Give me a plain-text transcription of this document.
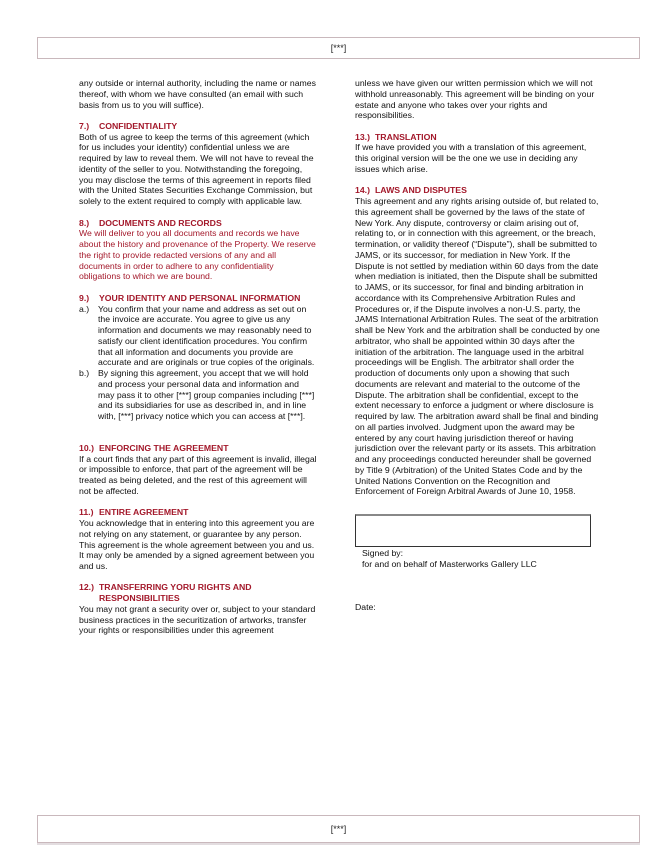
[***]

any outside or internal authority, including the name or names thereof, with whom we have consulted (an email with such basis from us to you will suffice).

7.)	CONFIDENTIALITY

Both of us agree to keep the terms of this agreement (which for us includes your identity) confidential unless we are required by law to reveal them. We will not have to reveal the identity of the seller to you. Notwithstanding the foregoing, you may disclose the terms of this agreement in reports filed with the United States Securities Exchange Commission, but solely to the extent required to comply with applicable law.

8.)	DOCUMENTS AND RECORDS

We will deliver to you all documents and records we have about the history and provenance of the Property. We reserve the right to provide redacted versions of any and all documents in order to adhere to any confidentiality obligations to which we are bound.

9.)	YOUR IDENTITY AND PERSONAL INFORMATION
a.)	You confirm that your name and address as set out on the invoice are accurate. You agree to give us any information and documents we may reasonably need to satisfy our client identification procedures. You confirm that all information and documents you provide are accurate and are originals or true copies of the originals.
b.)	By signing this agreement, you accept that we will hold and process your personal data and information and may pass it to other [***] group companies including [***] and its subsidiaries for use as described in, and in line with, [***] privacy notice which you can access at [***].
10.) ENFORCING THE AGREEMENT

If a court finds that any part of this agreement is invalid, illegal or impossible to enforce, that part of the agreement will be treated as being deleted, and the rest of this agreement will not be affected.

11.) ENTIRE AGREEMENT

You acknowledge that in entering into this agreement you are not relying on any statement, or guarantee by any person. This agreement is the whole agreement between you and us. It may only be amended by a signed agreement between you and us.

12.) TRANSFERRING YORU RIGHTS AND RESPONSIBILITIES

You may not grant a security over or, subject to your standard business practices in the securitization of artworks, transfer your rights or responsibilities under this agreement

unless we have given our written permission which we will not withhold unreasonably. This agreement will be binding on your estate and anyone who takes over your rights and responsibilities.

13.) TRANSLATION

If we have provided you with a translation of this agreement, this original version will be the one we use in deciding any issues which arise.

14.) LAWS AND DISPUTES

This agreement and any rights arising outside of, but related to, this agreement shall be governed by the laws of the state of New York. Any dispute, controversy or claim arising out of, relating to, or in connection with this agreement, or the breach, termination, or validity thereof (“Dispute”), shall be submitted to JAMS, or its successor, for mediation in New York. If the Dispute is not settled by mediation within 60 days from the date when mediation is initiated, then the Dispute shall be submitted to JAMS, or its successor, for final and binding arbitration in accordance with its Comprehensive Arbitration Rules and Procedures or, if the Dispute involves a non-U.S. party, the JAMS International Arbitration Rules. The seat of the arbitration shall be New York and the arbitration shall be conducted by one arbitrator, who shall be appointed within 30 days after the initiation of the arbitration. The language used in the arbitral proceedings will be English. The arbitrator shall order the production of documents only upon a showing that such documents are relevant and material to the outcome of the Dispute. The arbitration shall be confidential, except to the extent necessary to enforce a judgment or where disclosure is required by law. The arbitration award shall be final and binding on all parties involved. Judgment upon the award may be entered by any court having jurisdiction thereof or having jurisdiction over the relevant party or its assets. This arbitration and any proceedings conducted hereunder shall be governed by Title 9 (Arbitration) of the United States Code and by the United Nations Convention on the Recognition and Enforcement of Foreign Arbitral Awards of June 10, 1958.

Signed by:

for and on behalf of Masterworks Gallery LLC

Date:

[***]
